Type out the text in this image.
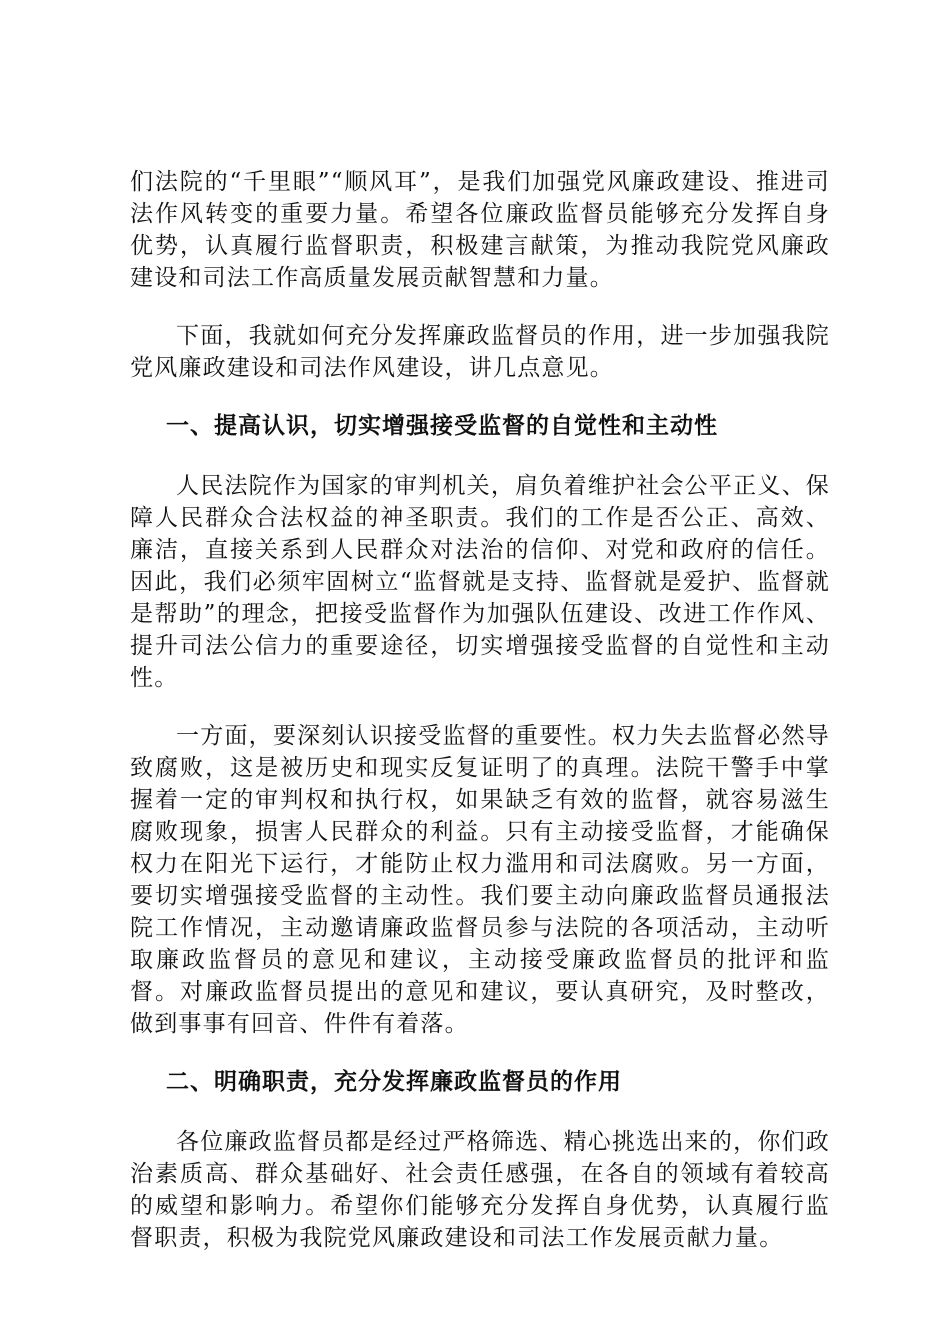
们法院的“千里眼”“顺风耳”，是我们加强党风廉政建设、推进司法作风转变的重要力量。希望各位廉政监督员能够充分发挥自身优势，认真履行监督职责，积极建言献策，为推动我院党风廉政建设和司法工作高质量发展贡献智慧和力量。

下面，我就如何充分发挥廉政监督员的作用，进一步加强我院党风廉政建设和司法作风建设，讲几点意见。

一、提高认识，切实增强接受监督的自觉性和主动性

人民法院作为国家的审判机关，肩负着维护社会公平正义、保障人民群众合法权益的神圣职责。我们的工作是否公正、高效、廉洁，直接关系到人民群众对法治的信仰、对党和政府的信任。因此，我们必须牢固树立“监督就是支持、监督就是爱护、监督就是帮助”的理念，把接受监督作为加强队伍建设、改进工作作风、提升司法公信力的重要途径，切实增强接受监督的自觉性和主动性。

一方面，要深刻认识接受监督的重要性。权力失去监督必然导致腐败，这是被历史和现实反复证明了的真理。法院干警手中掌握着一定的审判权和执行权，如果缺乏有效的监督，就容易滋生腐败现象，损害人民群众的利益。只有主动接受监督，才能确保权力在阳光下运行，才能防止权力滥用和司法腐败。另一方面，要切实增强接受监督的主动性。我们要主动向廉政监督员通报法院工作情况，主动邀请廉政监督员参与法院的各项活动，主动听取廉政监督员的意见和建议，主动接受廉政监督员的批评和监督。对廉政监督员提出的意见和建议，要认真研究，及时整改，做到事事有回音、件件有着落。

二、明确职责，充分发挥廉政监督员的作用

各位廉政监督员都是经过严格筛选、精心挑选出来的，你们政治素质高、群众基础好、社会责任感强，在各自的领域有着较高的威望和影响力。希望你们能够充分发挥自身优势，认真履行监督职责，积极为我院党风廉政建设和司法工作发展贡献力量。
